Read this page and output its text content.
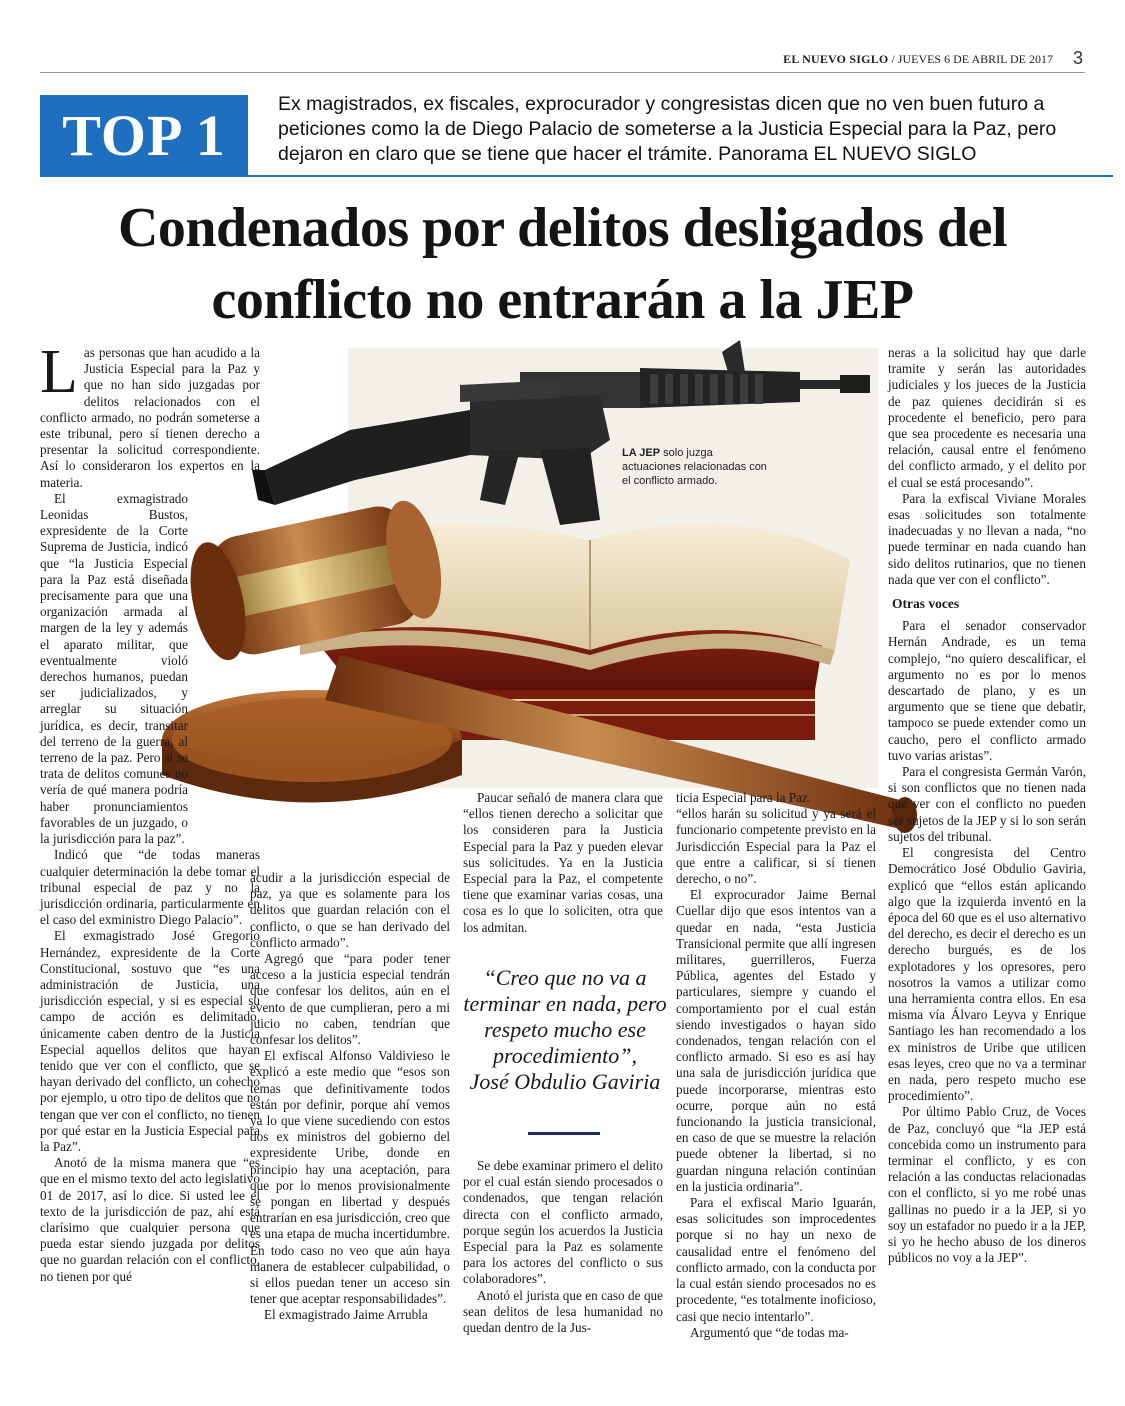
EL NUEVO SIGLO / JUEVES 6 DE ABRIL DE 2017 3
TOP 1	Ex magistrados, ex fiscales, exprocurador y congresistas dicen que no ven buen futuro a peticiones como la de Diego Palacio de someterse a la Justicia Especial para la Paz, pero dejaron en claro que se tiene que hacer el trámite. Panorama EL NUEVO SIGLO
Condenados por delitos desligados del conflicto no entrarán a la JEP
LA JEP solo juzga actuaciones relacionadas con el conflicto armado.
L as personas que han acudido a la Justicia Especial para la Paz y que no han sido juzgadas por delitos relacionados con el conflicto armado, no podrán someterse a este tribunal, pero sí tienen derecho a presentar la solicitud correspondiente. Así lo consideraron los expertos en la materia.

El exmagistrado Leonidas Bustos, expresidente de la Corte Suprema de Justicia, indicó que “la Justicia Especial para la Paz está diseñada precisamente para que una organización armada al margen de la ley y además el aparato militar, que eventualmente violó derechos humanos, puedan ser judicializados, y arreglar su situación jurídica, es decir, transitar del terreno de la guerra, al terreno de la paz. Pero si se trata de delitos comunes no vería de qué manera podría haber pronunciamientos favorables de un juzgado, o la jurisdicción para la paz”.

Indicó que “de todas maneras cualquier determinación la debe tomar el tribunal especial de paz y no la jurisdicción ordinaria, particularmente en el caso del exministro Diego Palacio”.

El exmagistrado José Gregorio Hernández, expresidente de la Corte Constitucional, sostuvo que “es una administración de Justicia, una jurisdicción especial, y si es especial su campo de acción es delimitado, únicamente caben dentro de la Justicia Especial aquellos delitos que hayan tenido que ver con el conflicto, que se hayan derivado del conflicto, un cohecho por ejemplo, u otro tipo de delitos que no tengan que ver con el conflicto, no tienen por qué estar en la Justicia Especial para la Paz”.

Anotó de la misma manera que “es que en el mismo texto del acto legislativo 01 de 2017, así lo dice. Si usted lee el texto de la jurisdicción de paz, ahí está clarísimo que cualquier persona que pueda estar siendo juzgada por delitos que no guardan relación con el conflicto, no tienen por qué

acudir a la jurisdicción especial de paz, ya que es solamente para los delitos que guardan relación con el conflicto, o que se han derivado del conflicto armado”.

Agregó que “para poder tener acceso a la justicia especial tendrán que confesar los delitos, aún en el evento de que cumplieran, pero a mi juicio no caben, tendrían que confesar los delitos”.

El exfiscal Alfonso Valdivieso le explicó a este medio que “esos son temas que definitivamente todos están por definir, porque ahí vemos ya lo que viene sucediendo con estos dos ex ministros del gobierno del expresidente Uribe, donde en principio hay una aceptación, para que por lo menos provisionalmente se pongan en libertad y después entrarían en esa jurisdicción, creo que es una etapa de mucha incertidumbre. En todo caso no veo que aún haya manera de establecer culpabilidad, o si ellos puedan tener un acceso sin tener que aceptar responsabilidades”.

El exmagistrado Jaime Arrubla

Paucar señaló de manera clara que “ellos tienen derecho a solicitar que los consideren para la Justicia Especial para la Paz y pueden elevar sus solicitudes. Ya en la Justicia Especial para la Paz, el competente tiene que examinar varias cosas, una cosa es lo que lo soliciten, otra que los admitan.

“Creo que no va a terminar en nada, pero respeto mucho ese procedimiento”,
José Obdulio Gaviria

Se debe examinar primero el delito por el cual están siendo procesados o condenados, que tengan relación directa con el conflicto armado, porque según los acuerdos la Justicia Especial para la Paz es solamente para los actores del conflicto o sus colaboradores”.

Anotó el jurista que en caso de que sean delitos de lesa humanidad no quedan dentro de la Jus-

ticia Especial para la Paz.

“ellos harán su solicitud y ya será el funcionario competente previsto en la Jurisdicción Especial para la Paz el que entre a calificar, si sí tienen derecho, o no”.

El exprocurador Jaime Bernal Cuellar dijo que esos intentos van a quedar en nada, “esta Justicia Transicional permite que allí ingresen militares, guerrilleros, Fuerza Pública, agentes del Estado y particulares, siempre y cuando el comportamiento por el cual están siendo investigados o hayan sido condenados, tengan relación con el conflicto armado. Si eso es así hay una sala de jurisdicción jurídica que puede incorporarse, mientras esto ocurre, porque aún no está funcionando la justicia transicional, en caso de que se muestre la relación puede obtener la libertad, si no guardan ninguna relación continúan en la justicia ordinaria”.

Para el exfiscal Mario Iguarán, esas solicitudes son improcedentes porque si no hay un nexo de causalidad entre el fenómeno del conflicto armado, con la conducta por la cual están siendo procesados no es procedente, “es totalmente inoficioso, casi que necio intentarlo”.

Argumentó que “de todas ma-

neras a la solicitud hay que darle tramite y serán las autoridades judiciales y los jueces de la Justicia de paz quienes decidirán si es procedente el beneficio, pero para que sea procedente es necesaria una relación, causal entre el fenómeno del conflicto armado, y el delito por el cual se está procesando”.

Para la exfiscal Viviane Morales esas solicitudes son totalmente inadecuadas y no llevan a nada, “no puede terminar en nada cuando han sido delitos rutinarios, que no tienen nada que ver con el conflicto”.

Otras voces

Para el senador conservador Hernán Andrade, es un tema complejo, “no quiero descalificar, el argumento no es por lo menos descartado de plano, y es un argumento que se tiene que debatir, tampoco se puede extender como un caucho, pero el conflicto armado tuvo varias aristas”.

Para el congresista Germán Varón, si son conflictos que no tienen nada que ver con el conflicto no pueden ser sujetos de la JEP y si lo son serán sujetos del tribunal.

El congresista del Centro Democrático José Obdulio Gaviria, explicó que “ellos están aplicando algo que la izquierda inventó en la época del 60 que es el uso alternativo del derecho, es decir el derecho es un derecho burgués, es de los explotadores y los opresores, pero nosotros la vamos a utilizar como una herramienta contra ellos. En esa misma vía Álvaro Leyva y Enrique Santiago les han recomendado a los ex ministros de Uribe que utilicen esas leyes, creo que no va a terminar en nada, pero respeto mucho ese procedimiento”.

Por último Pablo Cruz, de Voces de Paz, concluyó que “la JEP está concebida como un instrumento para terminar el conflicto, y es con relación a las conductas relacionadas con el conflicto, si yo me robé unas gallinas no puedo ir a la JEP, si yo soy un estafador no puedo ir a la JEP, si yo he hecho abuso de los dineros públicos no voy a la JEP”.
